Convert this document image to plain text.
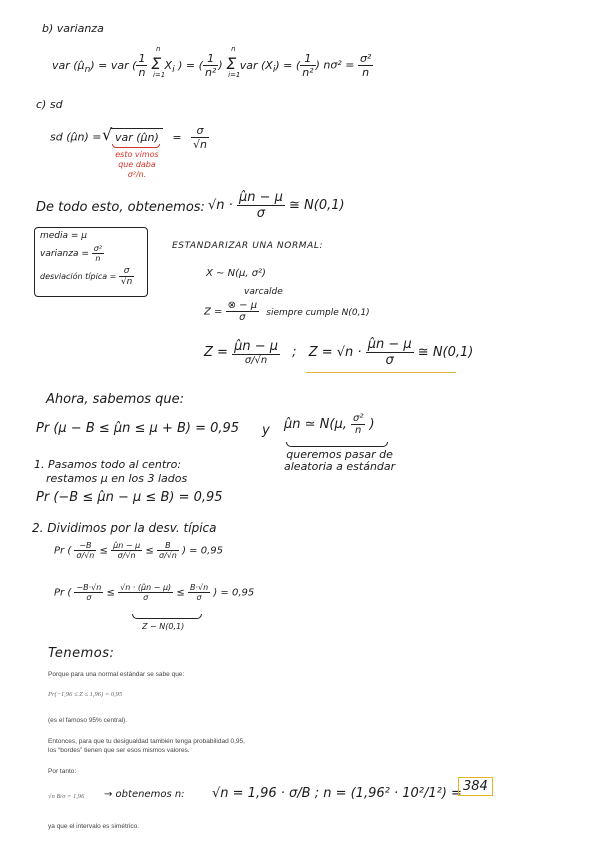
b) varianza
var $(\mû_n)$ = var ( $\frac{1}{n}$ Σ
n
i=1
$X_i$ ) = ( $\frac{1}{\text{n²}}$ ) Σ
n
i=1
var $(X_i)$ = ( $\frac{1}{\text{n²}}$ ) $n\sigma^2 = \frac{\text{σ²}}{n}$
c) sd
sd (μ̂n) = √ var (μ̂n) = $\frac{\sigma}{√n}$
esto vimos
que daba
σ²/n.
De todo esto, obtenemos: $√n \cdot \frac{\mûn - \mu}{\sigma}$ ≅ N(0,1)
media = μ
varianza = $\frac{\text{σ²}}{n}$
desviación típica = $\frac{\sigma}{√n}$
ESTANDARIZAR UNA NORMAL:
X ∼ N(μ, σ²)
varcalde
$Z = \frac{\otimes - \mu}{\sigma}$ siempre cumple N(0,1)
$Z = \frac{\mûn - \mu}{\sigma/√n}$ ; $Z = √n \cdot \frac{\mûn - \mu}{\sigma}$ ≅ N(0,1)
Ahora, sabemos que:
Pr (μ − B ≤ μ̂n ≤ μ + B) = 0,95 y μ̂n ≃ N(μ, $\frac{\text{σ²}}{n}$ )
queremos pasar de
aleatoria a estándar
1. Pasamos todo al centro:
restamos μ en los 3 lados
Pr (−B ≤ μ̂n − μ ≤ B) = 0,95
2. Dividimos por la desv. típica
Pr ( $\frac{-B}{\sigma/√n} \le \frac{\mûn - \mu}{\sigma/√n} \le \frac{B}{\sigma/√n}$ ) = 0,95
Pr ( $\frac{-B\cdot√n}{\sigma} \le \frac{√n \cdot (\mûn - \mu)}{\sigma} \le \frac{B\cdot√n}{\sigma}$ ) = 0,95
Z ∼ N(0,1)
Tenemos:
Porque para una normal estándar se sabe que:
Pr(−1,96 ≤ Z ≤ 1,96) = 0,95
(es el famoso 95% central).
Entonces, para que tu desigualdad también tenga probabilidad 0,95,
los “bordes” tienen que ser esos mismos valores.
Por tanto:
√n B/σ = 1,96 → obtenemos n: √n = 1,96 · σ/B ; n = (1,96² · 10²/1²) = 384
ya que el intervalo es simétrico.
